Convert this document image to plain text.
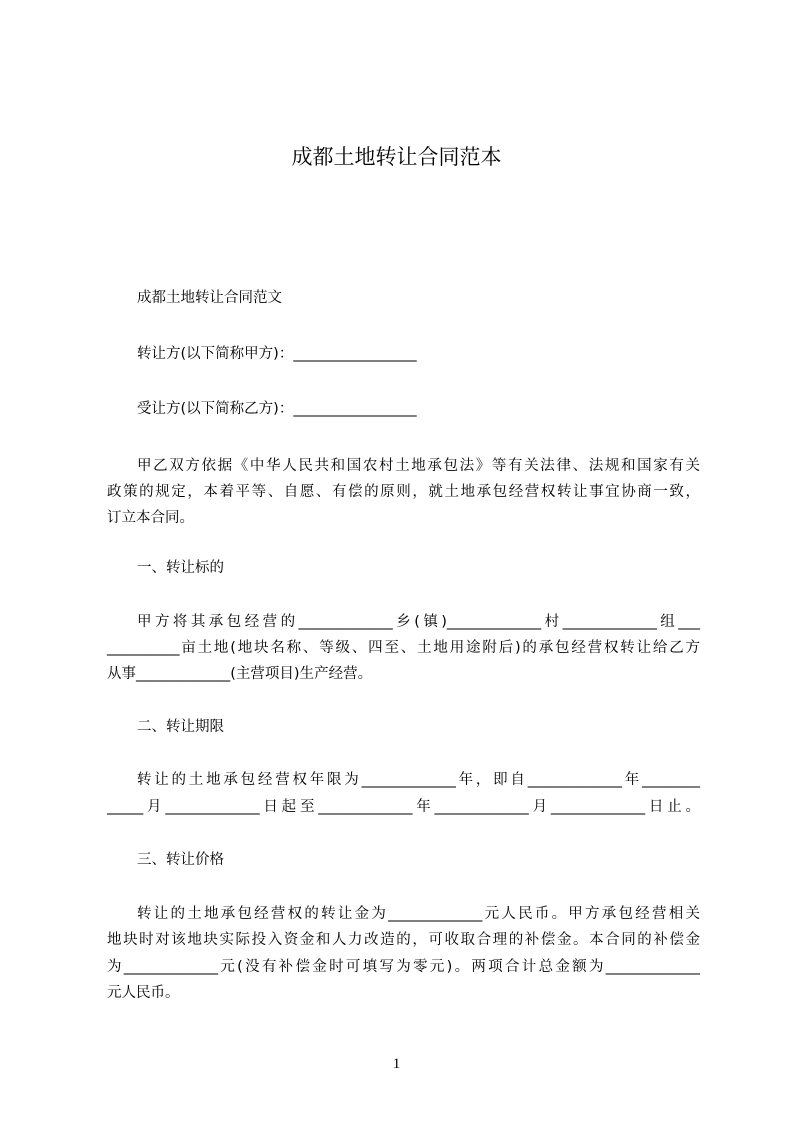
成都土地转让合同范本
成都土地转让合同范文
转让方(以下简称甲方)：_________________
受让方(以下简称乙方)：_________________
甲乙双方依据《中华人民共和国农村土地承包法》等有关法律、法规和国家有关
政策的规定，本着平等、自愿、有偿的原则，就土地承包经营权转让事宜协商一致，
订立本合同。
一、转让标的
甲方将其承包经营的_____________乡(镇)_____________村_____________组___
__________亩土地(地块名称、等级、四至、土地用途附后)的承包经营权转让给乙方
从事_____________(主营项目)生产经营。
二、转让期限
转让的土地承包经营权年限为_____________年，即自_____________年________
_____月_____________日起至_____________年_____________月_____________日止。
三、转让价格
转让的土地承包经营权的转让金为_____________元人民币。甲方承包经营相关
地块时对该地块实际投入资金和人力改造的，可收取合理的补偿金。本合同的补偿金
为_____________元(没有补偿金时可填写为零元)。两项合计总金额为_____________
元人民币。
1
